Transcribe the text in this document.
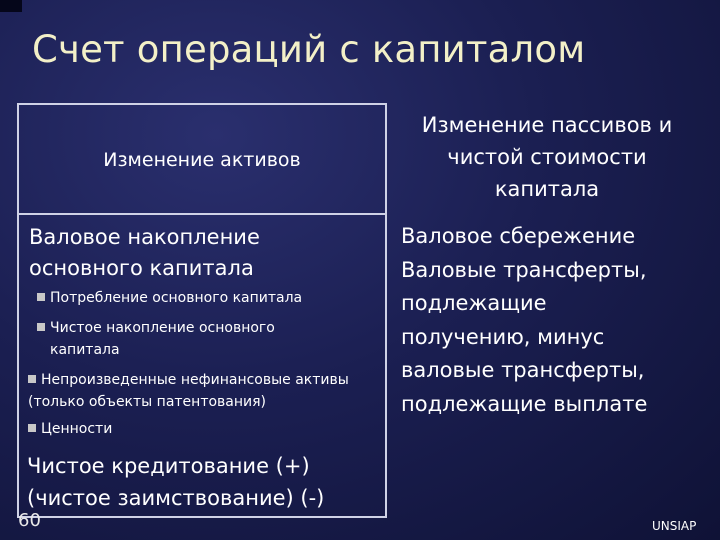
Счет операций с капиталом
Изменение активов
Валовое накопление
основного капитала
Потребление основного капитала
Чистое накопление основного
капитала
Непроизведенные нефинансовые активы
(только объекты патентования)
Ценности
Чистое кредитование (+)
(чистое заимствование) (-)
Изменение пассивов и
чистой стоимости
капитала
Валовое сбережение
Валовые трансферты,
подлежащие
получению, минус
валовые трансферты,
подлежащие выплате
60	UNSIAP
